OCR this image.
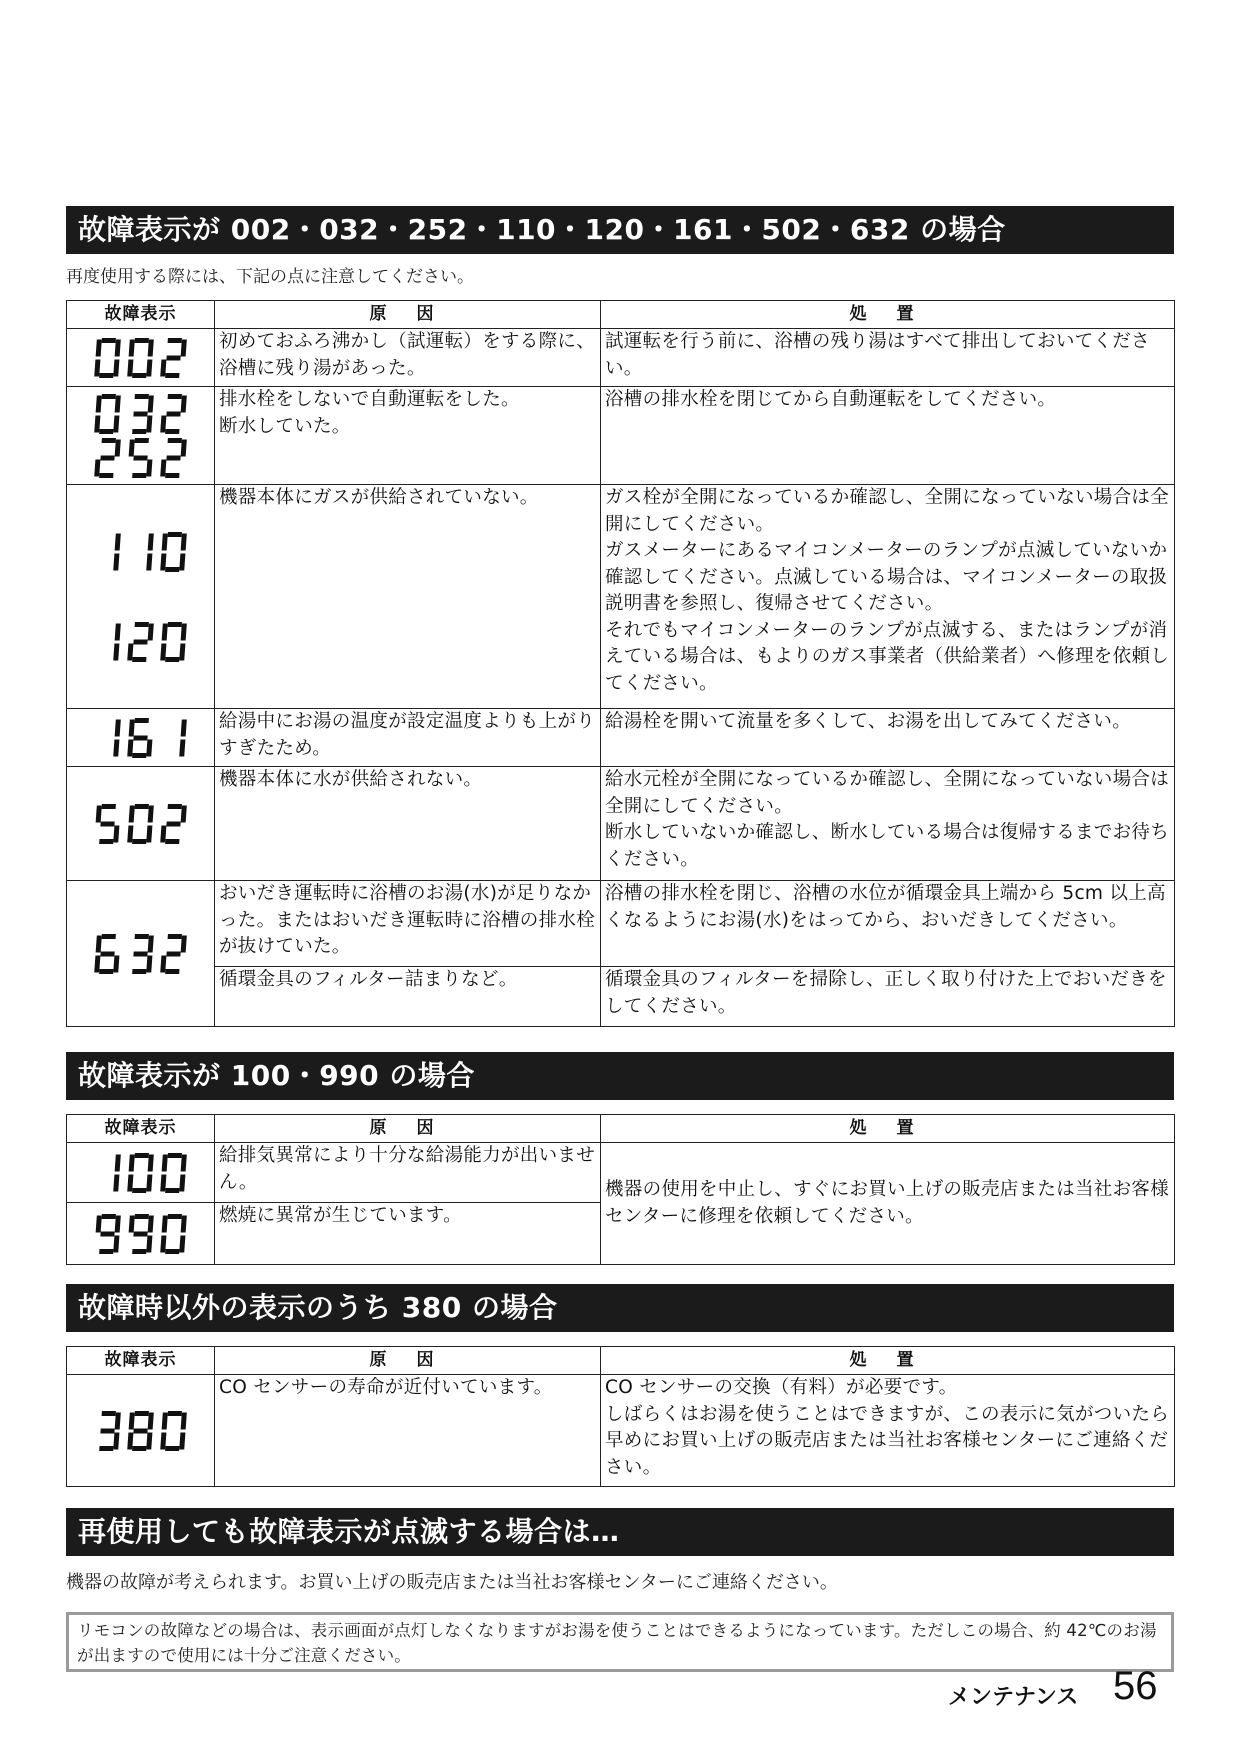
故障表示が 002・032・252・110・120・161・502・632 の場合
再度使用する際には、下記の点に注意してください。
故障表示	原 因	処 置

	初めておふろ沸かし（試運転）をする際に、浴槽に残り湯があった。	試運転を行う前に、浴槽の残り湯はすべて排出しておいてください。

	排水栓をしないで自動運転をした。
断水していた。	浴槽の排水栓を閉じてから自動運転をしてください。

	機器本体にガスが供給されていない。	ガス栓が全開になっているか確認し、全開になっていない場合は全開にしてください。
ガスメーターにあるマイコンメーターのランプが点滅していないか確認してください。点滅している場合は、マイコンメーターの取扱説明書を参照し、復帰させてください。
それでもマイコンメーターのランプが点滅する、またはランプが消えている場合は、もよりのガス事業者（供給業者）へ修理を依頼してください。

	給湯中にお湯の温度が設定温度よりも上がりすぎたため。	給湯栓を開いて流量を多くして、お湯を出してみてください。

	機器本体に水が供給されない。	給水元栓が全開になっているか確認し、全開になっていない場合は全開にしてください。
断水していないか確認し、断水している場合は復帰するまでお待ちください。

	おいだき運転時に浴槽のお湯(水)が足りなかった。またはおいだき運転時に浴槽の排水栓が抜けていた。	浴槽の排水栓を閉じ、浴槽の水位が循環金具上端から 5cm 以上高くなるようにお湯(水)をはってから、おいだきしてください。
	循環金具のフィルター詰まりなど。	循環金具のフィルターを掃除し、正しく取り付けた上でおいだきをしてください。
故障表示が 100・990 の場合
故障表示	原 因	処 置

	給排気異常により十分な給湯能力が出いません。	機器の使用を中止し、すぐにお買い上げの販売店または当社お客様センターに修理を依頼してください。

	燃焼に異常が生じています。	
故障時以外の表示のうち 380 の場合
故障表示	原 因	処 置

	CO センサーの寿命が近付いています。	CO センサーの交換（有料）が必要です。
しばらくはお湯を使うことはできますが、この表示に気がついたら早めにお買い上げの販売店または当社お客様センターにご連絡ください。
再使用しても故障表示が点滅する場合は…
機器の故障が考えられます。お買い上げの販売店または当社お客様センターにご連絡ください。
リモコンの故障などの場合は、表示画面が点灯しなくなりますがお湯を使うことはできるようになっています。ただしこの場合、約 42℃のお湯が出ますので使用には十分ご注意ください。
メンテナンス 56
